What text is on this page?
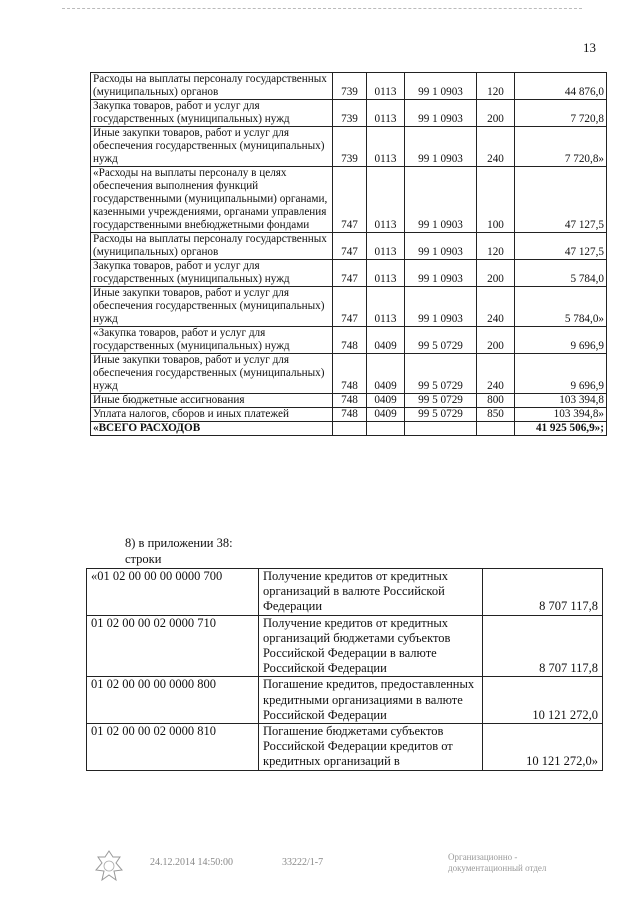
13
Расходы на выплаты персоналу государственных (муниципальных) органов	739	0113	99 1 0903	120	44 876,0
Закупка товаров, работ и услуг для государственных (муниципальных) нужд	739	0113	99 1 0903	200	7 720,8
Иные закупки товаров, работ и услуг для обеспечения государственных (муниципальных) нужд	739	0113	99 1 0903	240	7 720,8»
«Расходы на выплаты персоналу в целях обеспечения выполнения функций государственными (муниципальными) органами, казенными учреждениями, органами управления государственными внебюджетными фондами	747	0113	99 1 0903	100	47 127,5
Расходы на выплаты персоналу государственных (муниципальных) органов	747	0113	99 1 0903	120	47 127,5
Закупка товаров, работ и услуг для государственных (муниципальных) нужд	747	0113	99 1 0903	200	5 784,0
Иные закупки товаров, работ и услуг для обеспечения государственных (муниципальных) нужд	747	0113	99 1 0903	240	5 784,0»
«Закупка товаров, работ и услуг для государственных (муниципальных) нужд	748	0409	99 5 0729	200	9 696,9
Иные закупки товаров, работ и услуг для обеспечения государственных (муниципальных) нужд	748	0409	99 5 0729	240	9 696,9
Иные бюджетные ассигнования	748	0409	99 5 0729	800	103 394,8
Уплата налогов, сборов и иных платежей	748	0409	99 5 0729	850	103 394,8»
«ВСЕГО РАСХОДОВ					41 925 506,9»;
8) в приложении 38:
строки
«01 02 00 00 00 0000 700	Получение кредитов от кредитных организаций в валюте Российской Федерации	8 707 117,8
01 02 00 00 02 0000 710	Получение кредитов от кредитных организаций бюджетами субъектов Российской Федерации в валюте Российской Федерации	8 707 117,8
01 02 00 00 00 0000 800	Погашение кредитов, предоставленных кредитными организациями в валюте Российской Федерации	10 121 272,0
01 02 00 00 02 0000 810	Погашение бюджетами субъектов Российской Федерации кредитов от кредитных организаций в	10 121 272,0»
24.12.2014 14:50:00	33222/1-7	Организационно -
документационный отдел
